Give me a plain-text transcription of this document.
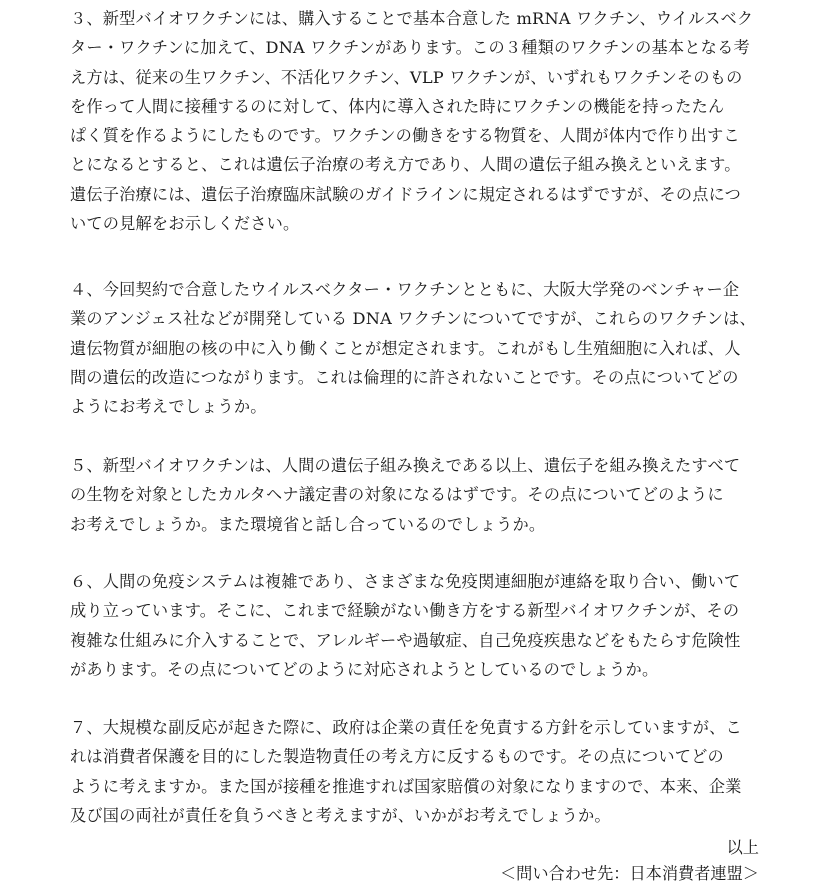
３、新型バイオワクチンには、購入することで基本合意した mRNA ワクチン、ウイルスベク
ター・ワクチンに加えて、DNA ワクチンがあります。この３種類のワクチンの基本となる考
え方は、従来の生ワクチン、不活化ワクチン、VLP ワクチンが、いずれもワクチンそのもの
を作って人間に接種するのに対して、体内に導入された時にワクチンの機能を持ったたん
ぱく質を作るようにしたものです。ワクチンの働きをする物質を、人間が体内で作り出すこ
とになるとすると、これは遺伝子治療の考え方であり、人間の遺伝子組み換えといえます。
遺伝子治療には、遺伝子治療臨床試験のガイドラインに規定されるはずですが、その点につ
いての見解をお示しください。
４、今回契約で合意したウイルスベクター・ワクチンとともに、大阪大学発のベンチャー企
業のアンジェス社などが開発している DNA ワクチンについてですが、これらのワクチンは、
遺伝物質が細胞の核の中に入り働くことが想定されます。これがもし生殖細胞に入れば、人
間の遺伝的改造につながります。これは倫理的に許されないことです。その点についてどの
ようにお考えでしょうか。
５、新型バイオワクチンは、人間の遺伝子組み換えである以上、遺伝子を組み換えたすべて
の生物を対象としたカルタヘナ議定書の対象になるはずです。その点についてどのように
お考えでしょうか。また環境省と話し合っているのでしょうか。
６、人間の免疫システムは複雑であり、さまざまな免疫関連細胞が連絡を取り合い、働いて
成り立っています。そこに、これまで経験がない働き方をする新型バイオワクチンが、その
複雑な仕組みに介入することで、アレルギーや過敏症、自己免疫疾患などをもたらす危険性
があります。その点についてどのように対応されようとしているのでしょうか。
７、大規模な副反応が起きた際に、政府は企業の責任を免責する方針を示していますが、こ
れは消費者保護を目的にした製造物責任の考え方に反するものです。その点についてどの
ように考えますか。また国が接種を推進すれば国家賠償の対象になりますので、本来、企業
及び国の両社が責任を負うべきと考えますが、いかがお考えでしょうか。
以上
＜問い合わせ先：日本消費者連盟＞
